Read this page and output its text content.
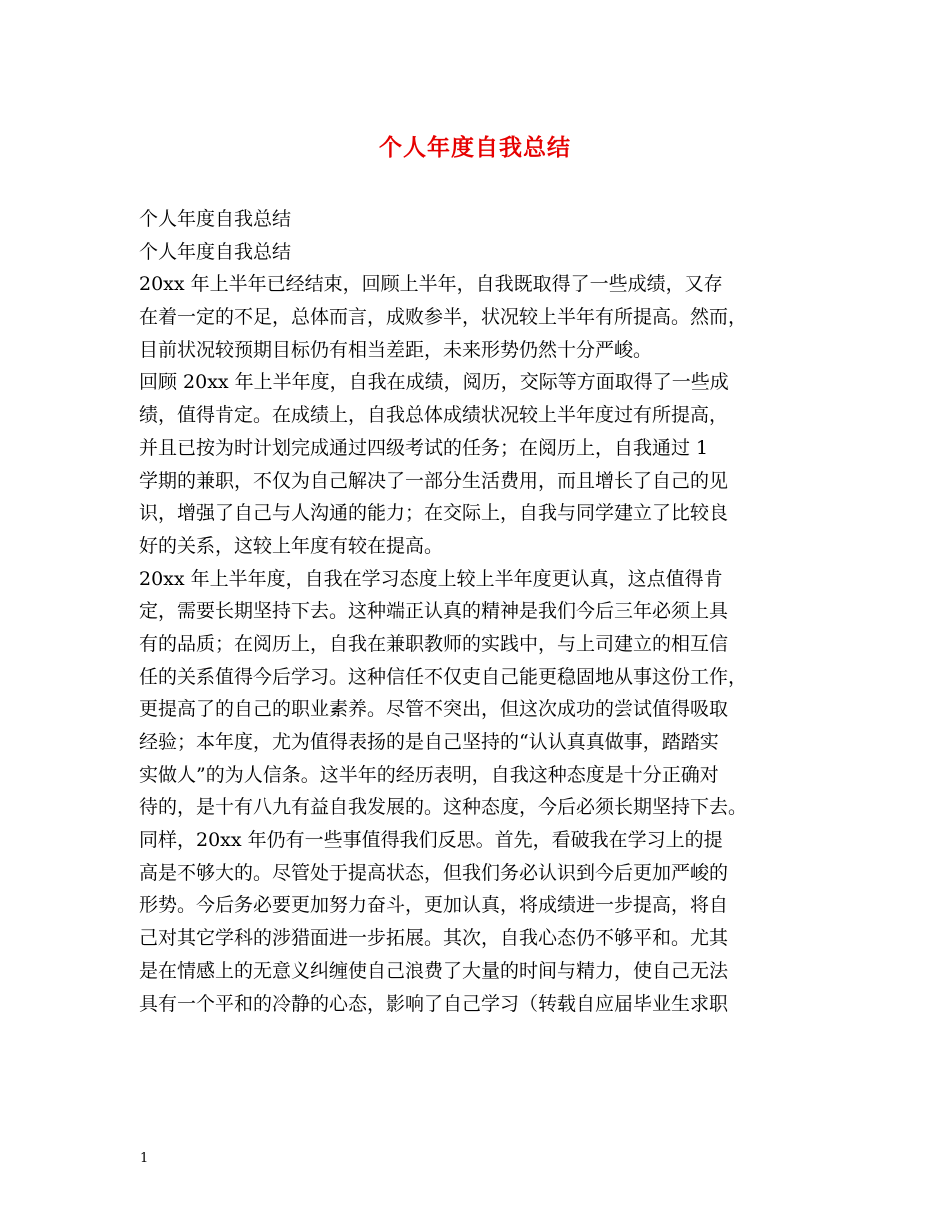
个人年度自我总结
个人年度自我总结
个人年度自我总结
20xx 年上半年已经结束，回顾上半年，自我既取得了一些成绩，又存
在着一定的不足，总体而言，成败参半，状况较上半年有所提高。然而，
目前状况较预期目标仍有相当差距，未来形势仍然十分严峻。
回顾 20xx 年上半年度，自我在成绩，阅历，交际等方面取得了一些成
绩，值得肯定。在成绩上，自我总体成绩状况较上半年度过有所提高，
并且已按为时计划完成通过四级考试的任务；在阅历上，自我通过 1
学期的兼职，不仅为自己解决了一部分生活费用，而且增长了自己的见
识，增强了自己与人沟通的能力；在交际上，自我与同学建立了比较良
好的关系，这较上年度有较在提高。
20xx 年上半年度，自我在学习态度上较上半年度更认真，这点值得肯
定，需要长期坚持下去。这种端正认真的精神是我们今后三年必须上具
有的品质；在阅历上，自我在兼职教师的实践中，与上司建立的相互信
任的关系值得今后学习。这种信任不仅吏自己能更稳固地从事这份工作，
更提高了的自己的职业素养。尽管不突出，但这次成功的尝试值得吸取
经验；本年度，尤为值得表扬的是自己坚持的“认认真真做事，踏踏实
实做人”的为人信条。这半年的经历表明，自我这种态度是十分正确对
待的，是十有八九有益自我发展的。这种态度，今后必须长期坚持下去。
同样，20xx 年仍有一些事值得我们反思。首先，看破我在学习上的提
高是不够大的。尽管处于提高状态，但我们务必认识到今后更加严峻的
形势。今后务必要更加努力奋斗，更加认真，将成绩进一步提高，将自
己对其它学科的涉猎面进一步拓展。其次，自我心态仍不够平和。尤其
是在情感上的无意义纠缠使自己浪费了大量的时间与精力，使自己无法
具有一个平和的冷静的心态，影响了自己学习（转载自应届毕业生求职
1
